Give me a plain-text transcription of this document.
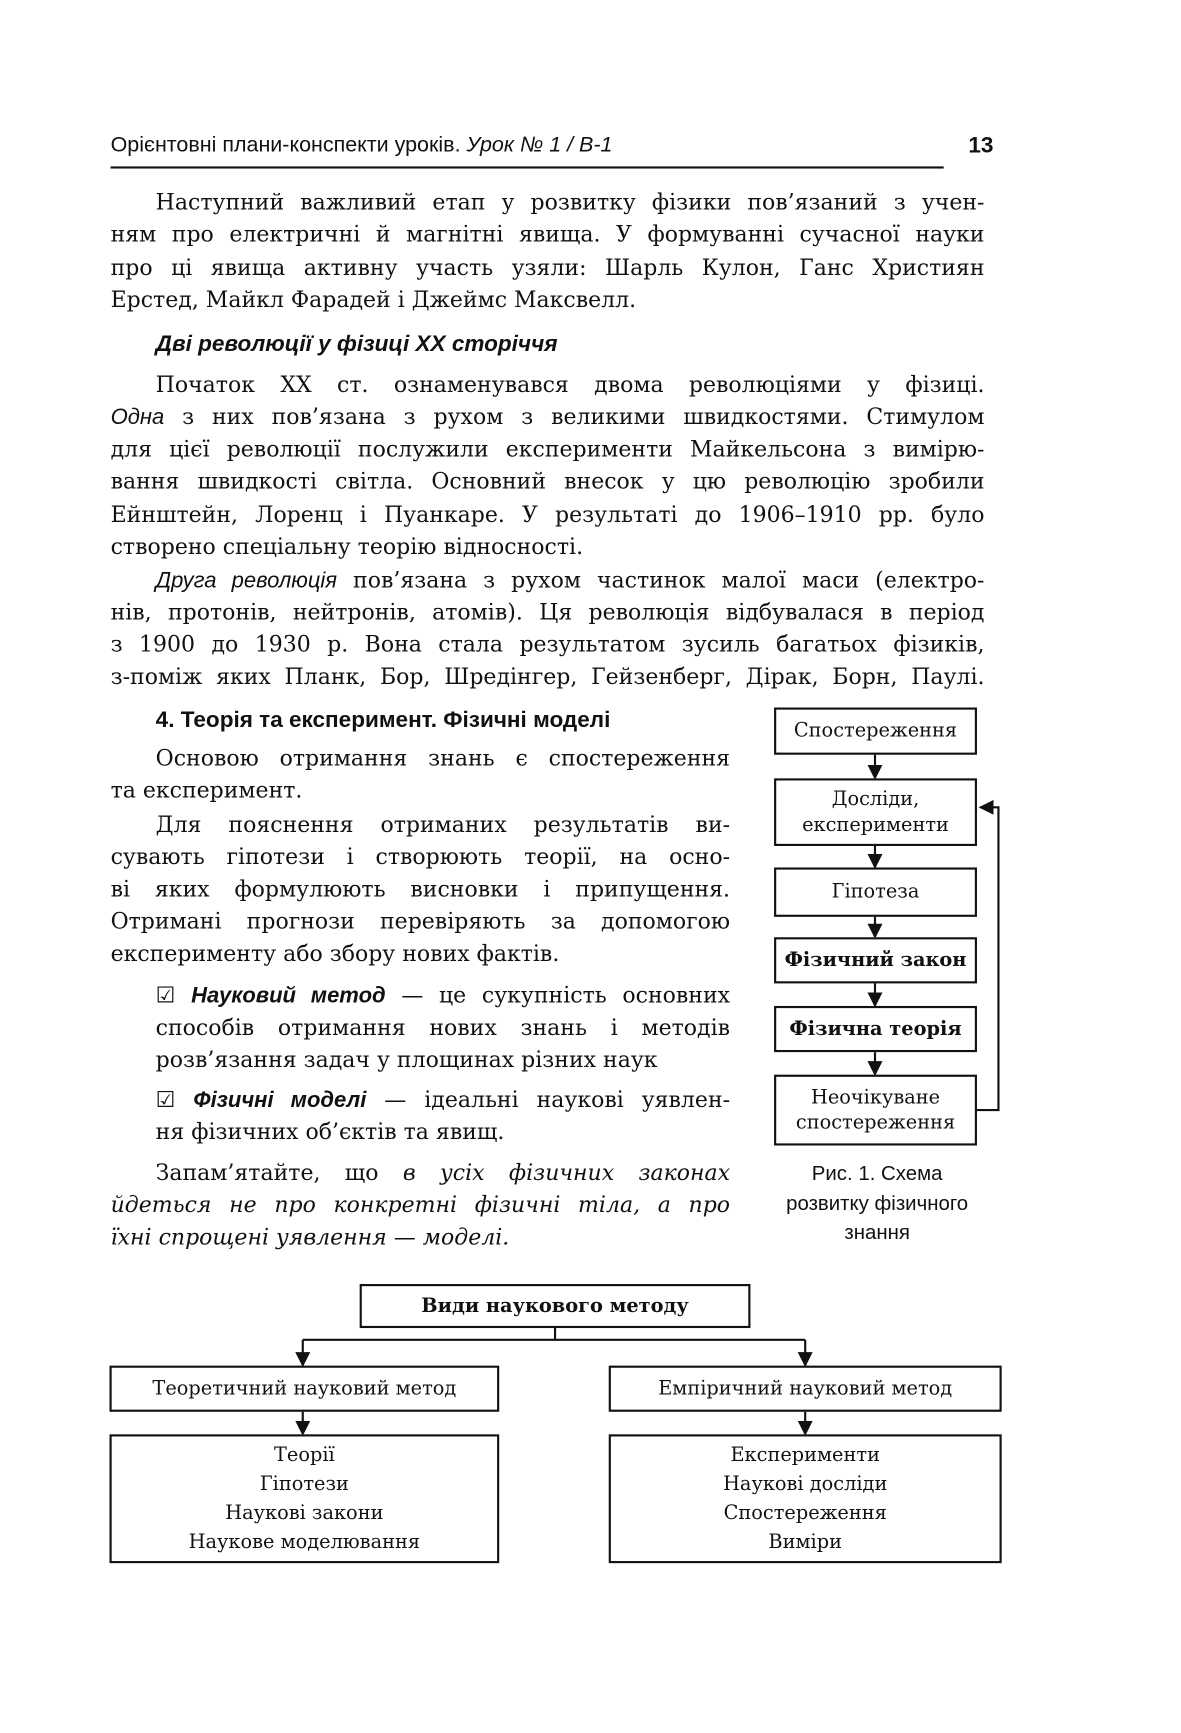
Орієнтовні плани-конспекти уроків. Урок № 1 / В-1	13
Наступний важливий етап у розвитку фізики пов’язаний з учен-
ням про електричні й магнітні явища. У формуванні сучасної науки
про ці явища активну участь узяли: Шарль Кулон, Ганс Християн
Ерстед, Майкл Фарадей і Джеймс Максвелл.
Дві революції у фізиці ХХ сторіччя
Початок ХХ ст. ознаменувався двома революціями у фізиці.
Одна з них пов’язана з рухом з великими швидкостями. Стимулом
для цієї революції послужили експерименти Майкельсона з вимірю-
вання швидкості світла. Основний внесок у цю революцію зробили
Ейнштейн, Лоренц і Пуанкаре. У результаті до 1906–1910 рр. було
створено спеціальну теорію відносності.
Друга революція пов’язана з рухом частинок малої маси (електро-
нів, протонів, нейтронів, атомів). Ця революція відбувалася в період
з 1900 до 1930 р. Вона стала результатом зусиль багатьох фізиків,
з-поміж яких Планк, Бор, Шредінгер, Гейзенберг, Дірак, Борн, Паулі.
4. Теорія та експеримент. Фізичні моделі
Основою отримання знань є спостереження
та експеримент.
Для пояснення отриманих результатів ви-
сувають гіпотези і створюють теорії, на осно-
ві яких формулюють висновки і припущення.
Отримані прогнози перевіряють за допомогою
експерименту або збору нових фактів.
☑ Науковий метод — це сукупність основних
способів отримання нових знань і методів
розв’язання задач у площинах різних наук
☑ Фізичні моделі — ідеальні наукові уявлен-
ня фізичних об’єктів та явищ.
Запам’ятайте, що в усіх фізичних законах
йдеться не про конкретні фізичні тіла, а про
їхні спрощені уявлення — моделі.
Спостереження
Досліди,
експерименти
Гіпотеза
Фізичний закон
Фізична теорія
Неочікуване
спостереження
Рис. 1. Схема
розвитку фізичного
знання
Види наукового методу
Теоретичний науковий метод	Емпіричний науковий метод
Теорії
Гіпотези
Наукові закони
Наукове моделювання
Експерименти
Наукові досліди
Спостереження
Виміри
